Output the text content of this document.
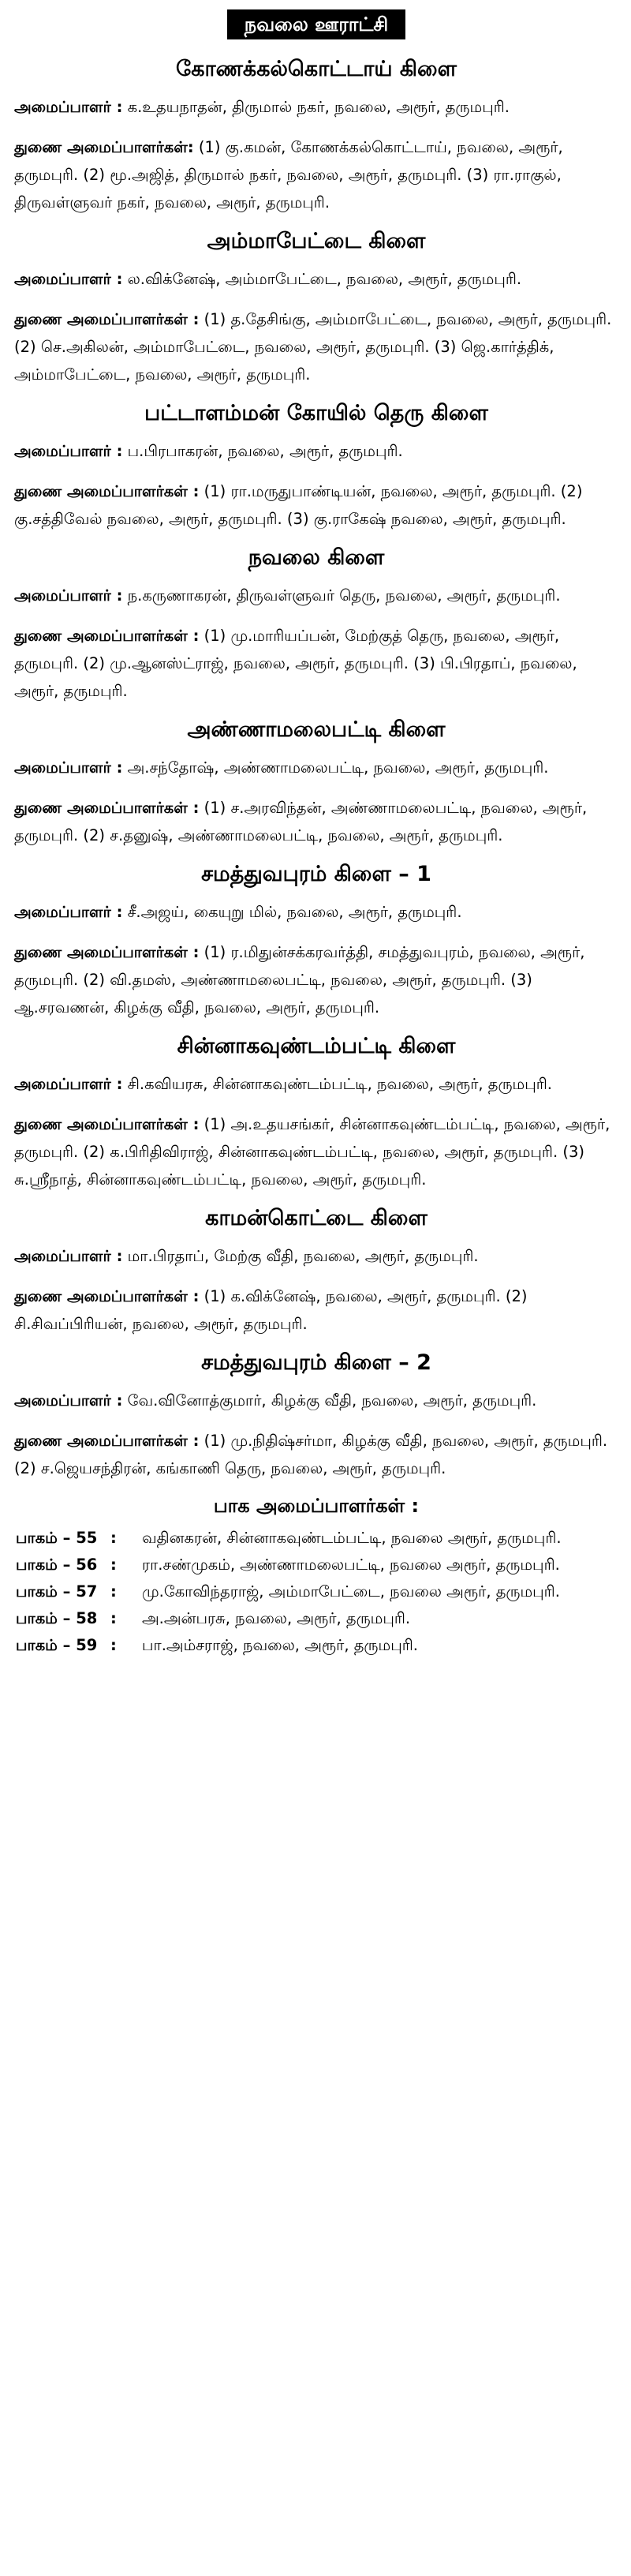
நவலை ஊராட்சி
கோணக்கல்கொட்டாய் கிளை
அமைப்பாளர் : க.உதயநாதன், திருமால் நகர், நவலை, அரூர், தருமபுரி.
துணை அமைப்பாளர்கள்: (1) கு.கமன், கோணக்கல்கொட்டாய், நவலை, அரூர், தருமபுரி. (2) மூ.அஜித், திருமால் நகர், நவலை, அரூர், தருமபுரி. (3) ரா.ராகுல், திருவள்ளுவர் நகர், நவலை, அரூர், தருமபுரி.
அம்மாபேட்டை கிளை
அமைப்பாளர் : ல.விக்னேஷ், அம்மாபேட்டை, நவலை, அரூர், தருமபுரி.
துணை அமைப்பாளர்கள் : (1) த.தேசிங்கு, அம்மாபேட்டை, நவலை, அரூர், தருமபுரி. (2) செ.அகிலன், அம்மாபேட்டை, நவலை, அரூர், தருமபுரி. (3) ஜெ.கார்த்திக், அம்மாபேட்டை, நவலை, அரூர், தருமபுரி.
பட்டாளம்மன் கோயில் தெரு கிளை
அமைப்பாளர் : ப.பிரபாகரன், நவலை, அரூர், தருமபுரி.
துணை அமைப்பாளர்கள் : (1) ரா.மருதுபாண்டியன், நவலை, அரூர், தருமபுரி. (2) கு.சத்திவேல் நவலை, அரூர், தருமபுரி. (3) கு.ராகேஷ் நவலை, அரூர், தருமபுரி.
நவலை கிளை
அமைப்பாளர் : ந.கருணாகரன், திருவள்ளுவர் தெரு, நவலை, அரூர், தருமபுரி.
துணை அமைப்பாளர்கள் : (1) மு.மாரியப்பன், மேற்குத் தெரு, நவலை, அரூர், தருமபுரி. (2) மு.ஆனஸ்ட்ராஜ், நவலை, அரூர், தருமபுரி. (3) பி.பிரதாப், நவலை, அரூர், தருமபுரி.
அண்ணாமலைபட்டி கிளை
அமைப்பாளர் : அ.சந்தோஷ், அண்ணாமலைபட்டி, நவலை, அரூர், தருமபுரி.
துணை அமைப்பாளர்கள் : (1) ச.அரவிந்தன், அண்ணாமலைபட்டி, நவலை, அரூர், தருமபுரி. (2) ச.தனுஷ், அண்ணாமலைபட்டி, நவலை, அரூர், தருமபுரி.
சமத்துவபுரம் கிளை – 1
அமைப்பாளர் : சீ.அஜய், கையுறு மில், நவலை, அரூர், தருமபுரி.
துணை அமைப்பாளர்கள் : (1) ர.மிதுன்சக்கரவர்த்தி, சமத்துவபுரம், நவலை, அரூர், தருமபுரி. (2) வி.தமஸ், அண்ணாமலைபட்டி, நவலை, அரூர், தருமபுரி. (3) ஆ.சரவணன், கிழக்கு வீதி, நவலை, அரூர், தருமபுரி.
சின்னாகவுண்டம்பட்டி கிளை
அமைப்பாளர் : சி.கவியரசு, சின்னாகவுண்டம்பட்டி, நவலை, அரூர், தருமபுரி.
துணை அமைப்பாளர்கள் : (1) அ.உதயசங்கர், சின்னாகவுண்டம்பட்டி, நவலை, அரூர், தருமபுரி. (2) க.பிரிதிவிராஜ், சின்னாகவுண்டம்பட்டி, நவலை, அரூர், தருமபுரி. (3) சு.ஸ்ரீநாத், சின்னாகவுண்டம்பட்டி, நவலை, அரூர், தருமபுரி.
காமன்கொட்டை கிளை
அமைப்பாளர் : மா.பிரதாப், மேற்கு வீதி, நவலை, அரூர், தருமபுரி.
துணை அமைப்பாளர்கள் : (1) க.விக்னேஷ், நவலை, அரூர், தருமபுரி. (2) சி.சிவப்பிரியன், நவலை, அரூர், தருமபுரி.
சமத்துவபுரம் கிளை – 2
அமைப்பாளர் : வே.வினோத்குமார், கிழக்கு வீதி, நவலை, அரூர், தருமபுரி.
துணை அமைப்பாளர்கள் : (1) மு.நிதிஷ்சர்மா, கிழக்கு வீதி, நவலை, அரூர், தருமபுரி. (2) ச.ஜெயசந்திரன், கங்காணி தெரு, நவலை, அரூர், தருமபுரி.
பாக அமைப்பாளர்கள் :
பாகம் – 55 :	வதினகரன், சின்னாகவுண்டம்பட்டி, நவலை அரூர், தருமபுரி.
பாகம் – 56 :	ரா.சண்முகம், அண்ணாமலைபட்டி, நவலை அரூர், தருமபுரி.
பாகம் – 57 :	மு.கோவிந்தராஜ், அம்மாபேட்டை, நவலை அரூர், தருமபுரி.
பாகம் – 58 :	அ.அன்பரசு, நவலை, அரூர், தருமபுரி.
பாகம் – 59 :	பா.அம்சராஜ், நவலை, அரூர், தருமபுரி.
